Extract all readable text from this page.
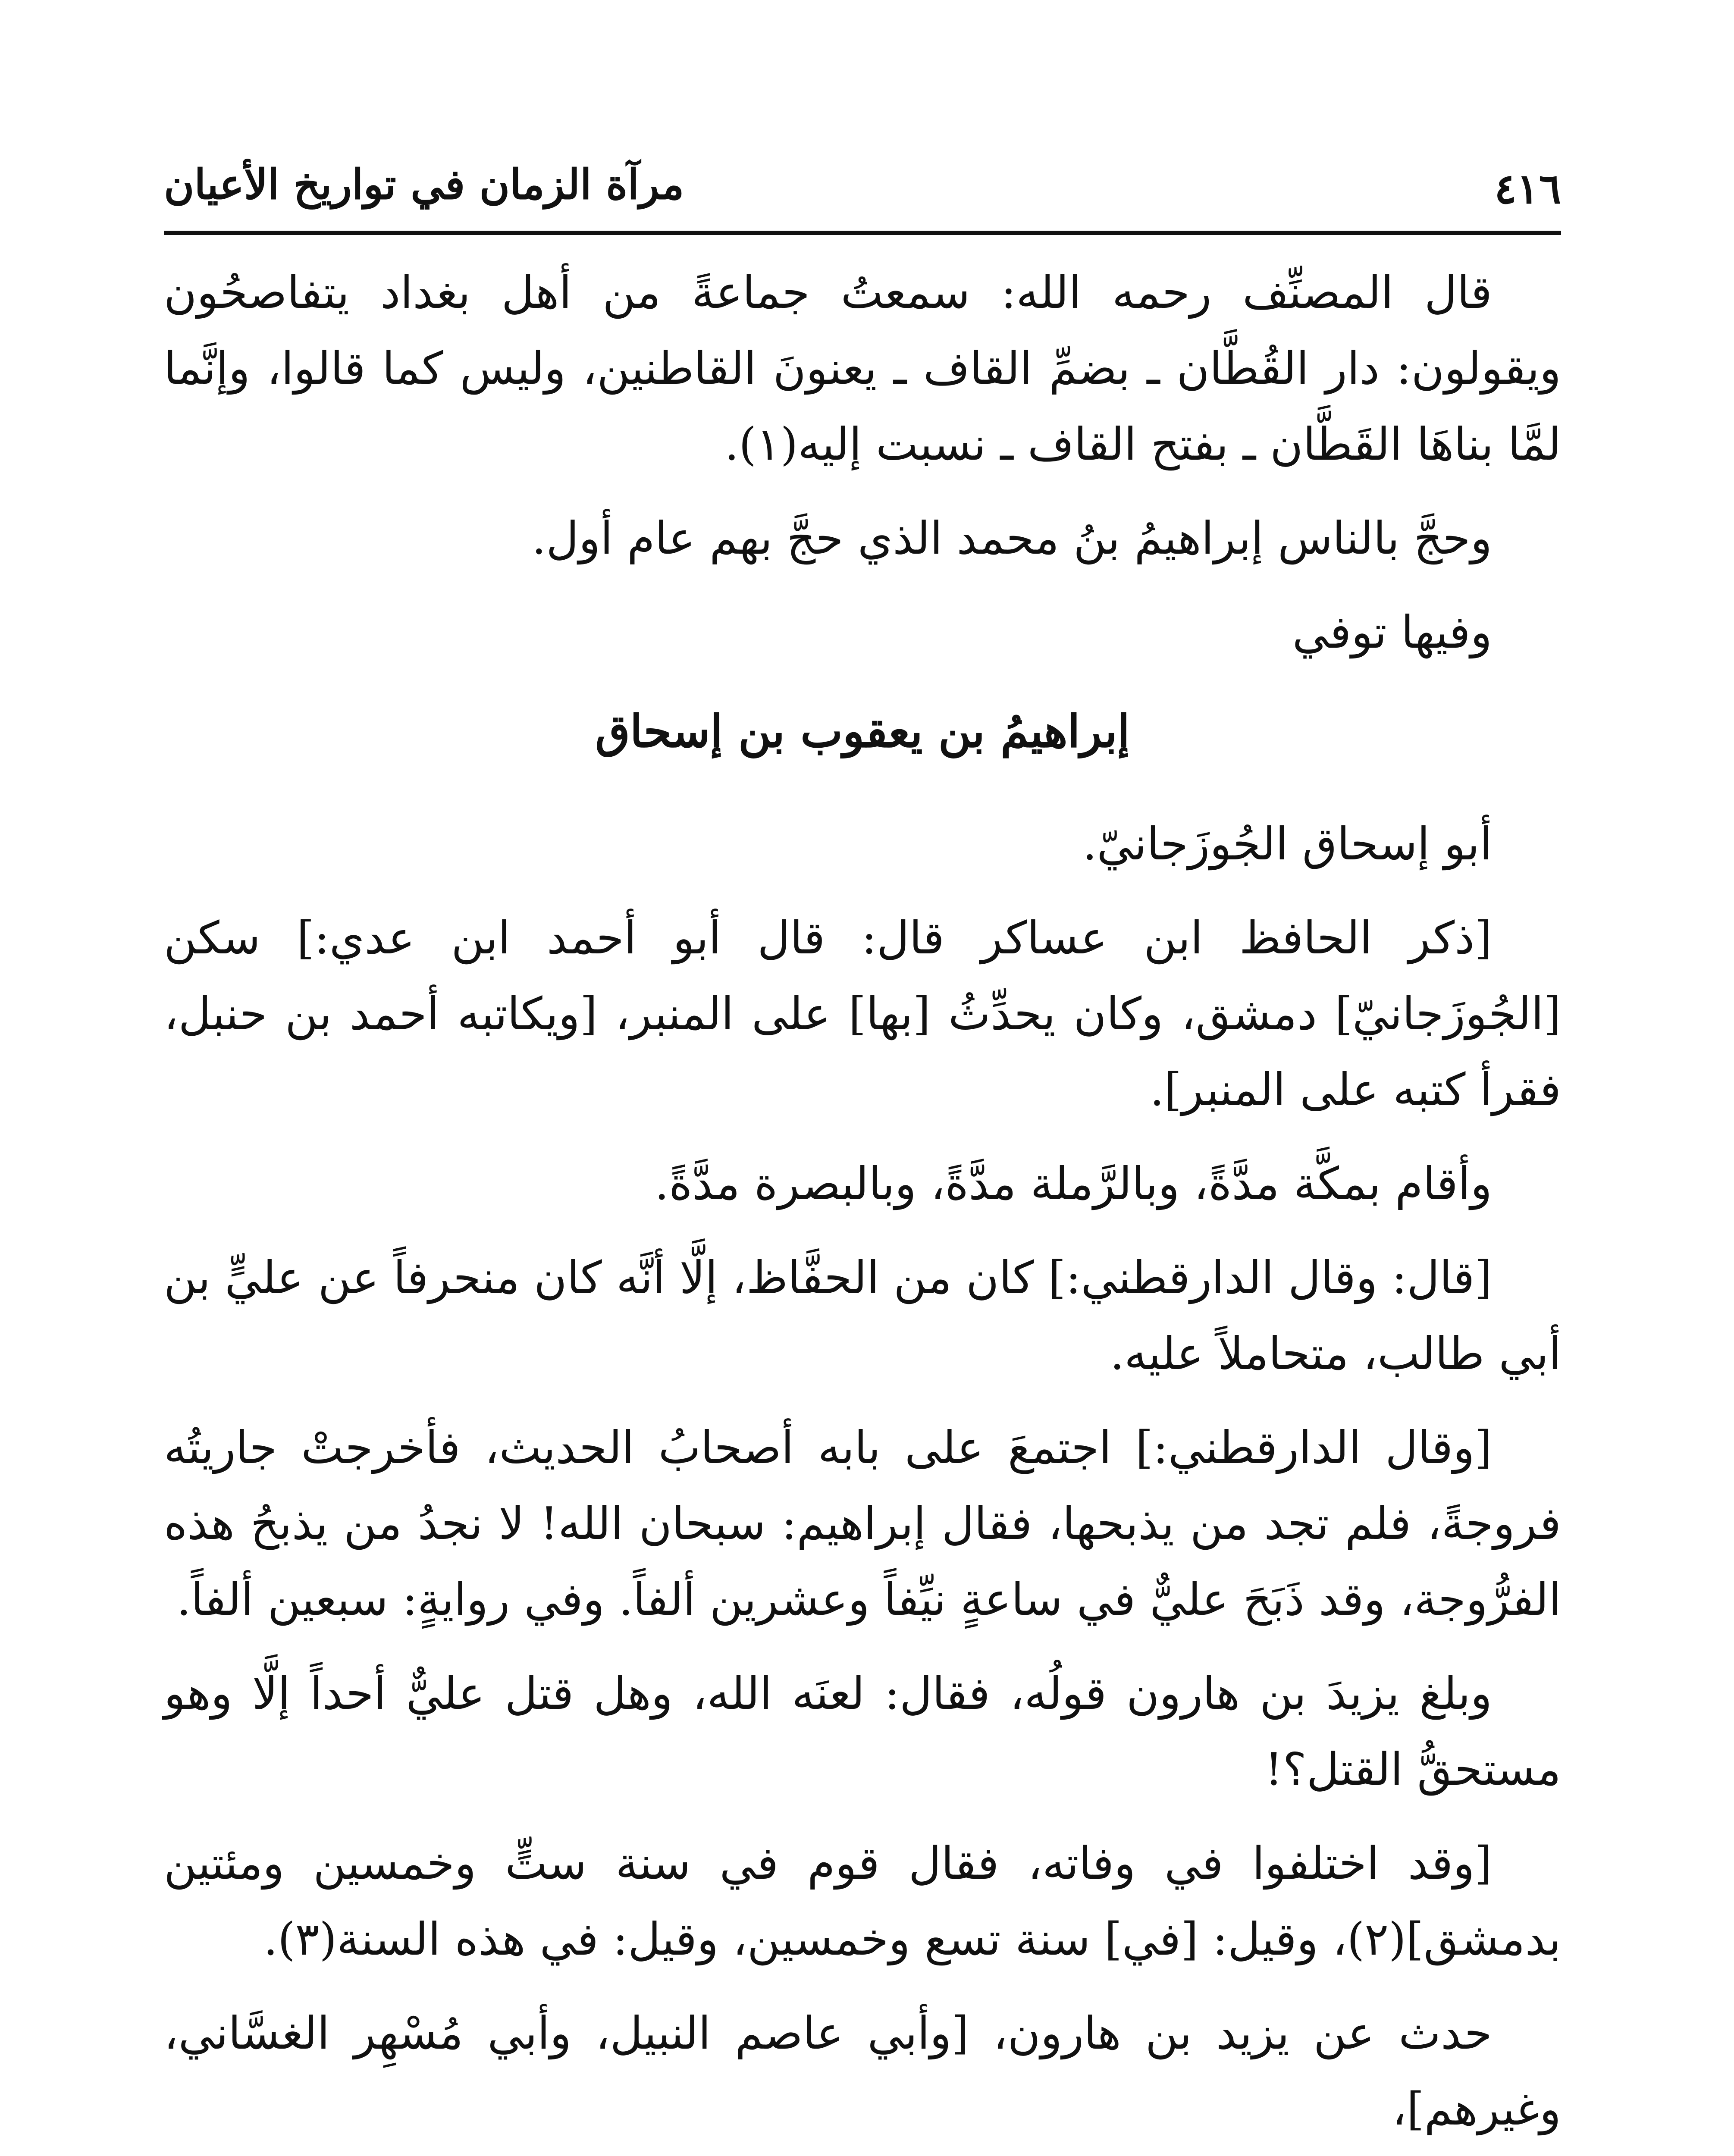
٤١٦
مرآة الزمان في تواريخ الأعيان

قال المصنِّف رحمه الله: سمعتُ جماعةً من أهل بغداد يتفاصحُون ويقولون: دار القُطَّان ـ بضمِّ القاف ـ يعنونَ القاطنين، وليس كما قالوا، وإنَّما لمَّا بناهَا القَطَّان ـ بفتح القاف ـ نسبت إليه(١).

وحجَّ بالناس إبراهيمُ بنُ محمد الذي حجَّ بهم عام أول.

وفيها توفي

إبراهيمُ بن يعقوب بن إسحاق

أبو إسحاق الجُوزَجانيّ.

[ذكر الحافظ ابن عساكر قال: قال أبو أحمد ابن عدي:] سكن [الجُوزَجانيّ] دمشق، وكان يحدِّثُ [بها] على المنبر، [ويكاتبه أحمد بن حنبل، فقرأ كتبه على المنبر].

وأقام بمكَّة مدَّةً، وبالرَّملة مدَّةً، وبالبصرة مدَّةً.

[قال: وقال الدارقطني:] كان من الحفَّاظ، إلَّا أنَّه كان منحرفاً عن عليٍّ بن أبي طالب، متحاملاً عليه.

[وقال الدارقطني:] اجتمعَ على بابه أصحابُ الحديث، فأخرجتْ جاريتُه فروجةً، فلم تجد من يذبحها، فقال إبراهيم: سبحان الله! لا نجدُ من يذبحُ هذه الفرُّوجة، وقد ذَبَحَ عليٌّ في ساعةٍ نيِّفاً وعشرين ألفاً. وفي روايةٍ: سبعين ألفاً.

وبلغ يزيدَ بن هارون قولُه، فقال: لعنَه الله، وهل قتل عليٌّ أحداً إلَّا وهو مستحقُّ القتل؟!

[وقد اختلفوا في وفاته، فقال قوم في سنة ستٍّ وخمسين ومئتين بدمشق](٢)، وقيل: [في] سنة تسع وخمسين، وقيل: في هذه السنة(٣).

حدث عن يزيد بن هارون، [وأبي عاصم النبيل، وأبي مُسْهِر الغسَّاني، وغيرهم]،
